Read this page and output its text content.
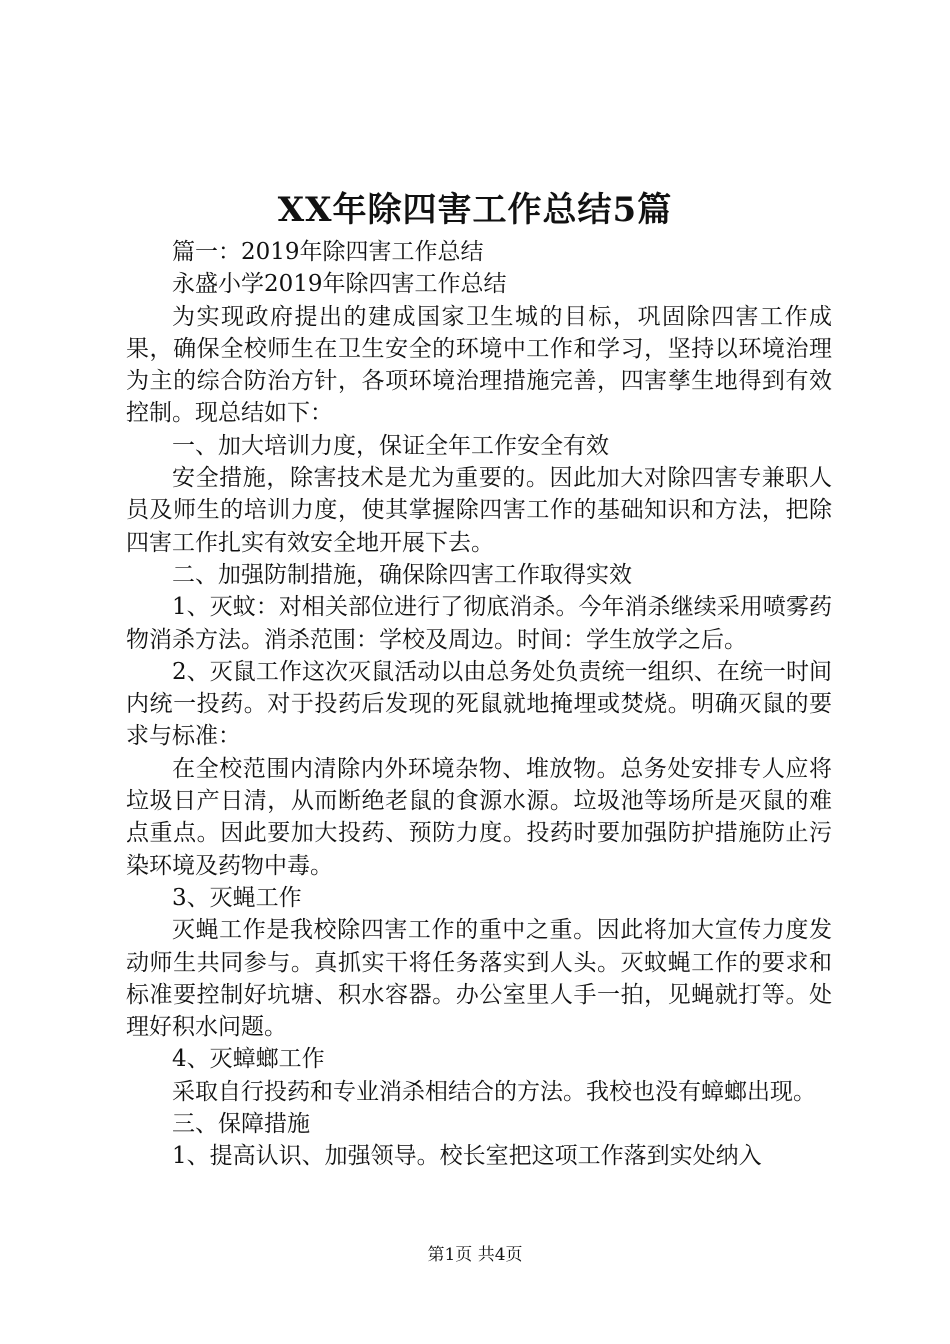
XX年除四害工作总结5篇

篇一：2019年除四害工作总结

永盛小学2019年除四害工作总结

为实现政府提出的建成国家卫生城的目标，巩固除四害工作成果，确保全校师生在卫生安全的环境中工作和学习，坚持以环境治理为主的综合防治方针，各项环境治理措施完善，四害孳生地得到有效控制。现总结如下：

一、加大培训力度，保证全年工作安全有效

安全措施，除害技术是尤为重要的。因此加大对除四害专兼职人员及师生的培训力度，使其掌握除四害工作的基础知识和方法，把除四害工作扎实有效安全地开展下去。

二、加强防制措施，确保除四害工作取得实效

1、灭蚊：对相关部位进行了彻底消杀。今年消杀继续采用喷雾药物消杀方法。消杀范围：学校及周边。时间：学生放学之后。

2、灭鼠工作这次灭鼠活动以由总务处负责统一组织、在统一时间内统一投药。对于投药后发现的死鼠就地掩埋或焚烧。明确灭鼠的要求与标准：

在全校范围内清除内外环境杂物、堆放物。总务处安排专人应将垃圾日产日清，从而断绝老鼠的食源水源。垃圾池等场所是灭鼠的难点重点。因此要加大投药、预防力度。投药时要加强防护措施防止污染环境及药物中毒。

3、灭蝇工作

灭蝇工作是我校除四害工作的重中之重。因此将加大宣传力度发动师生共同参与。真抓实干将任务落实到人头。灭蚊蝇工作的要求和标准要控制好坑塘、积水容器。办公室里人手一拍，见蝇就打等。处理好积水问题。

4、灭蟑螂工作

采取自行投药和专业消杀相结合的方法。我校也没有蟑螂出现。

三、保障措施

1、提高认识、加强领导。校长室把这项工作落到实处纳入

第1页 共4页
